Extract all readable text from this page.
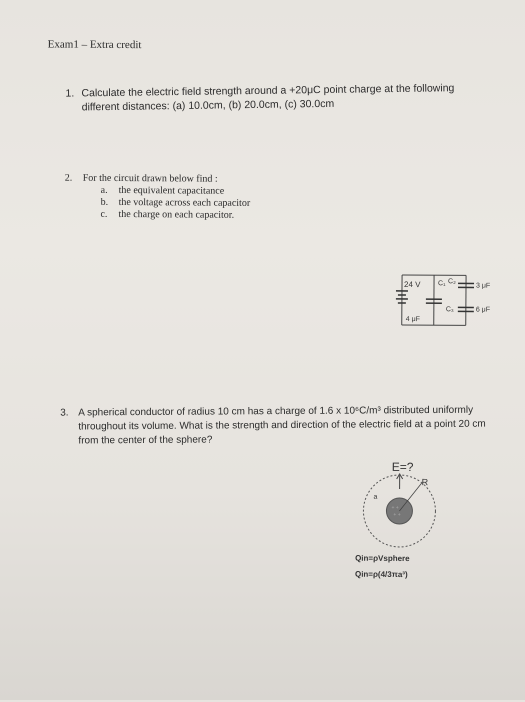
Exam1 – Extra credit
1. Calculate the electric field strength around a +20μC point charge at the following
different distances: (a) 10.0cm, (b) 20.0cm, (c) 30.0cm
2.	For the circuit drawn below find :
a. the equivalent capacitance
b. the voltage across each capacitor
c. the charge on each capacitor.
24 V C₁
4 μF
C₂
3 μF
C₃	6 μF
3. A spherical conductor of radius 10 cm has a charge of 1.6 x 10⁶C/m³ distributed uniformly
throughout its volume. What is the strength and direction of the electric field at a point 20 cm
from the center of the sphere?
E=?
+ +
+ +
R
a
Qin=ρVsphere
Qin=ρ(4/3πa³)
